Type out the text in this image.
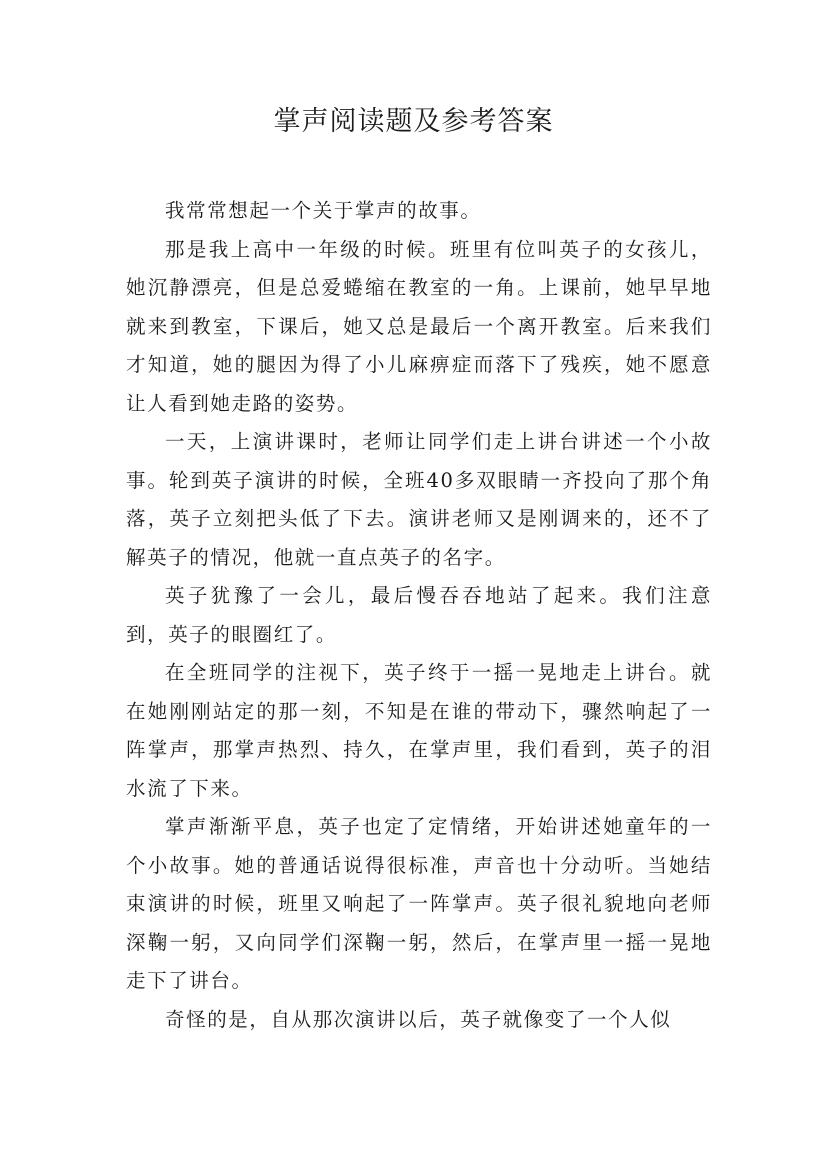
掌声阅读题及参考答案

我常常想起一个关于掌声的故事。

那是我上高中一年级的时候。班里有位叫英子的女孩儿，她沉静漂亮，但是总爱蜷缩在教室的一角。上课前，她早早地就来到教室，下课后，她又总是最后一个离开教室。后来我们才知道，她的腿因为得了小儿麻痹症而落下了残疾，她不愿意让人看到她走路的姿势。

一天，上演讲课时，老师让同学们走上讲台讲述一个小故事。轮到英子演讲的时候，全班40多双眼睛一齐投向了那个角落，英子立刻把头低了下去。演讲老师又是刚调来的，还不了解英子的情况，他就一直点英子的名字。

英子犹豫了一会儿，最后慢吞吞地站了起来。我们注意到，英子的眼圈红了。

在全班同学的注视下，英子终于一摇一晃地走上讲台。就在她刚刚站定的那一刻，不知是在谁的带动下，骤然响起了一阵掌声，那掌声热烈、持久，在掌声里，我们看到，英子的泪水流了下来。

掌声渐渐平息，英子也定了定情绪，开始讲述她童年的一个小故事。她的普通话说得很标准，声音也十分动听。当她结束演讲的时候，班里又响起了一阵掌声。英子很礼貌地向老师深鞠一躬，又向同学们深鞠一躬，然后，在掌声里一摇一晃地走下了讲台。

奇怪的是，自从那次演讲以后，英子就像变了一个人似
